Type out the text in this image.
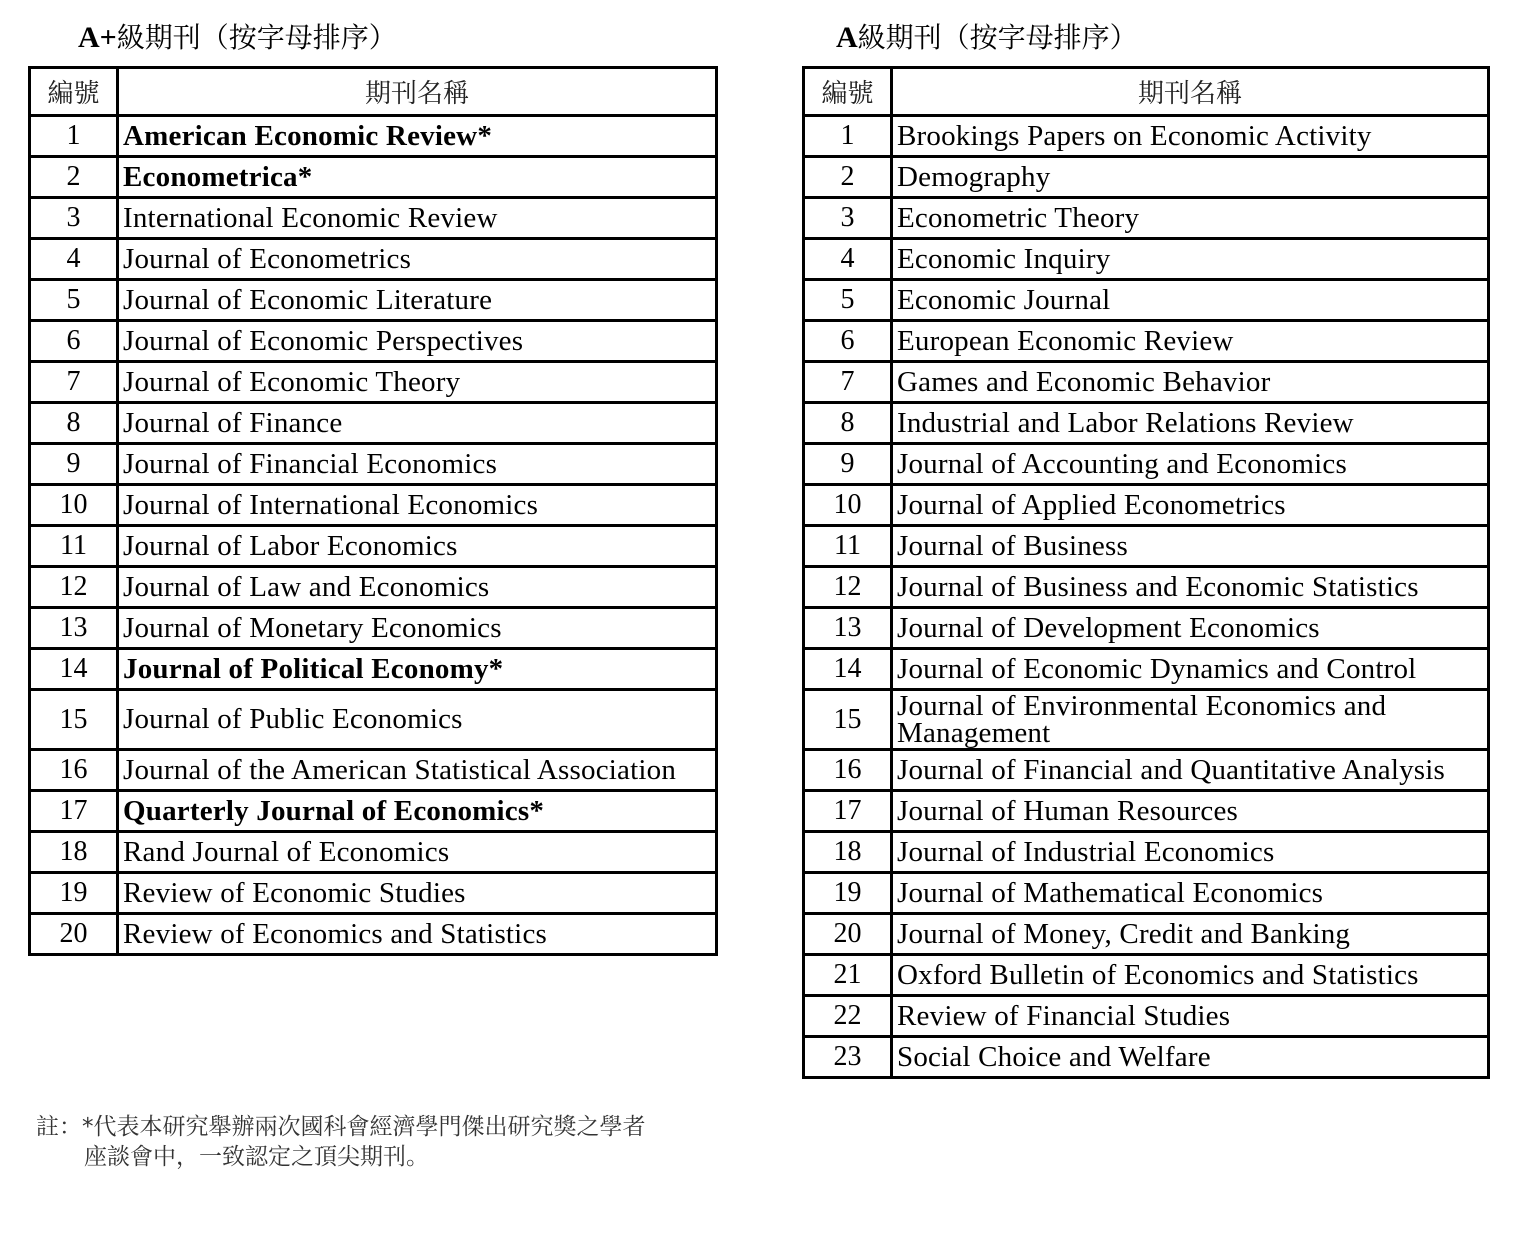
A+級期刊（按字母排序）	A級期刊（按字母排序）
編號	期刊名稱
1	American Economic Review*
2	Econometrica*
3	International Economic Review
4	Journal of Econometrics
5	Journal of Economic Literature
6	Journal of Economic Perspectives
7	Journal of Economic Theory
8	Journal of Finance
9	Journal of Financial Economics
10	Journal of International Economics
11	Journal of Labor Economics
12	Journal of Law and Economics
13	Journal of Monetary Economics
14	Journal of Political Economy*
15	Journal of Public Economics
16	Journal of the American Statistical Association
17	Quarterly Journal of Economics*
18	Rand Journal of Economics
19	Review of Economic Studies
20	Review of Economics and Statistics
編號	期刊名稱
1	Brookings Papers on Economic Activity
2	Demography
3	Econometric Theory
4	Economic Inquiry
5	Economic Journal
6	European Economic Review
7	Games and Economic Behavior
8	Industrial and Labor Relations Review
9	Journal of Accounting and Economics
10	Journal of Applied Econometrics
11	Journal of Business
12	Journal of Business and Economic Statistics
13	Journal of Development Economics
14	Journal of Economic Dynamics and Control
15	Journal of Environmental Economics and Management
16	Journal of Financial and Quantitative Analysis
17	Journal of Human Resources
18	Journal of Industrial Economics
19	Journal of Mathematical Economics
20	Journal of Money, Credit and Banking
21	Oxford Bulletin of Economics and Statistics
22	Review of Financial Studies
23	Social Choice and Welfare
註：*代表本研究舉辦兩次國科會經濟學門傑出研究獎之學者
座談會中，一致認定之頂尖期刊。
